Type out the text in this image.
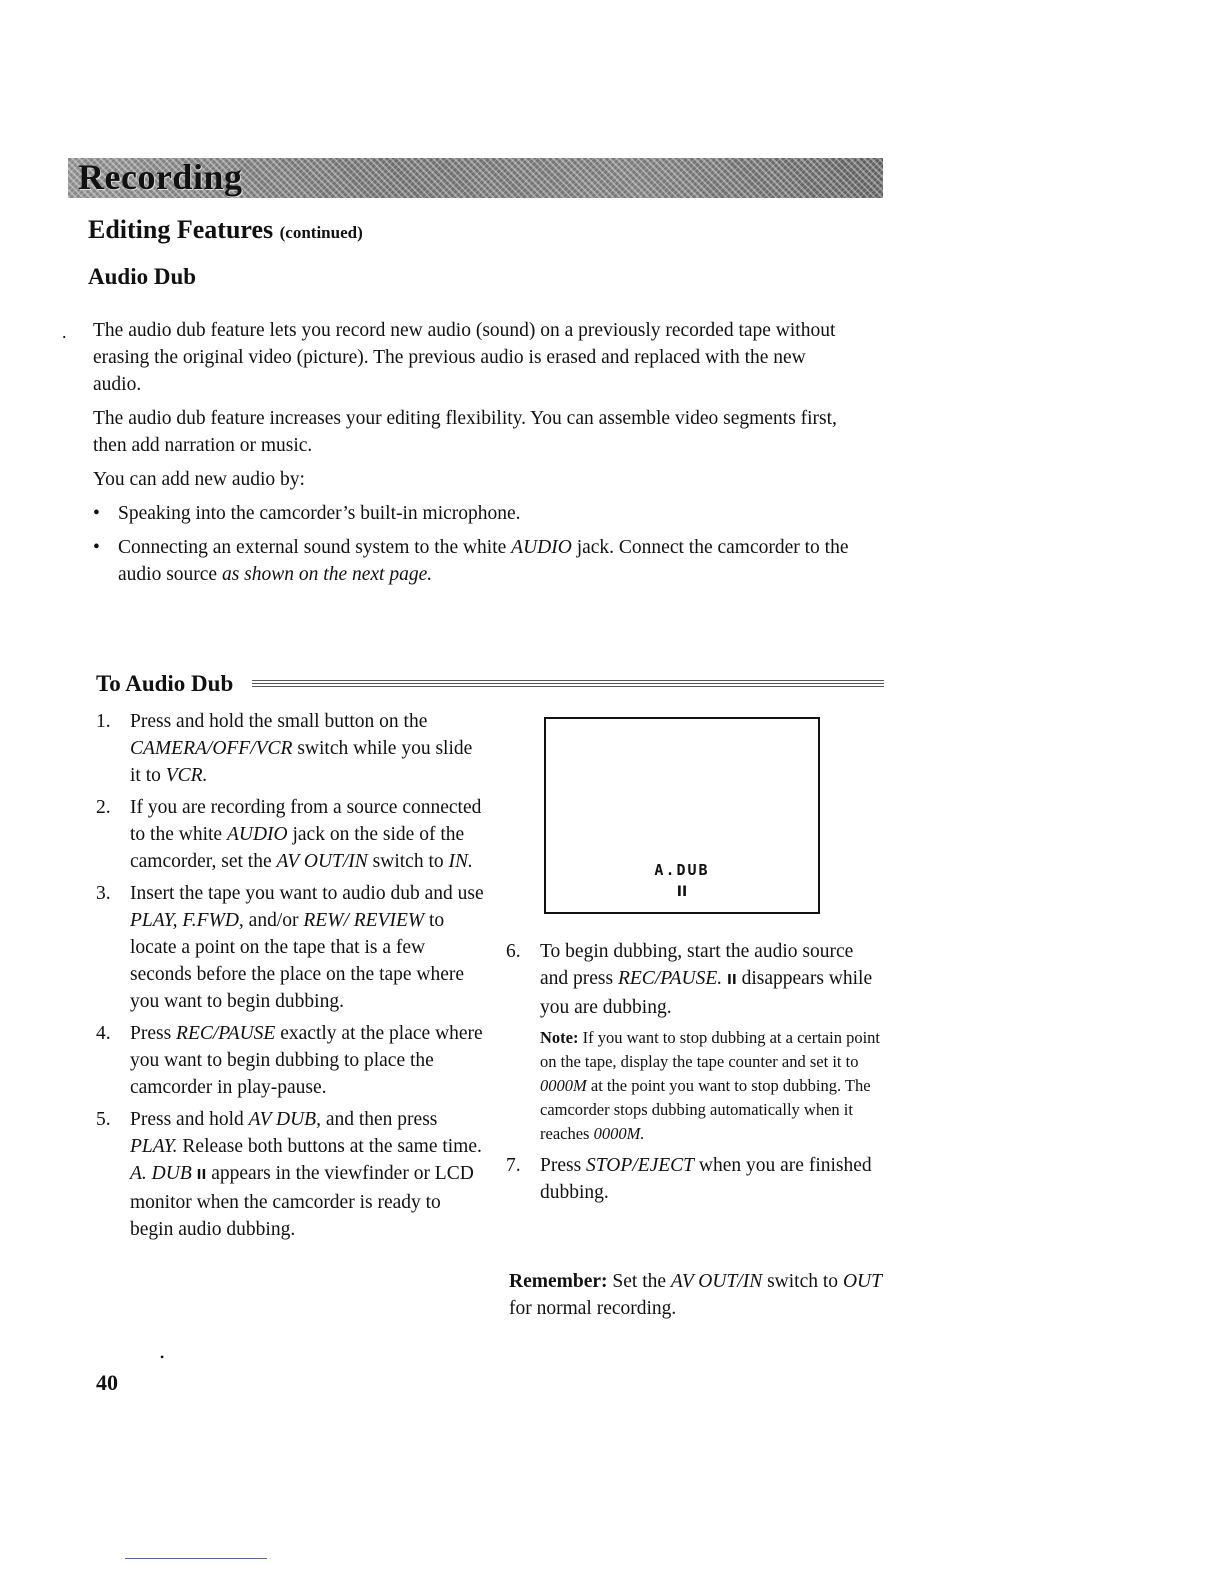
Recording
Editing Features (continued)
Audio Dub
. The audio dub feature lets you record new audio (sound) on a previously recorded tape without erasing the original video (picture). The previous audio is erased and replaced with the new audio.

The audio dub feature increases your editing flexibility. You can assemble video segments first, then add narration or music.

You can add new audio by:

• Speaking into the camcorder’s built-in microphone.
• Connecting an external sound system to the white AUDIO jack. Connect the camcorder to the audio source as shown on the next page.
To Audio Dub
1. Press and hold the small button on the CAMERA/OFF/VCR switch while you slide it to VCR.
2. If you are recording from a source connected to the white AUDIO jack on the side of the camcorder, set the AV OUT/IN switch to IN.
3. Insert the tape you want to audio dub and use PLAY, F.FWD, and/or REW/ REVIEW to locate a point on the tape that is a few seconds before the place on the tape where you want to begin dubbing.
4. Press REC/PAUSE exactly at the place where you want to begin dubbing to place the camcorder in play-pause.
5. Press and hold AV DUB, and then press PLAY. Release both buttons at the same time. A. DUB II appears in the viewfinder or LCD monitor when the camcorder is ready to begin audio dubbing.
A.DUB
II
6. To begin dubbing, start the audio source and press REC/PAUSE. II disappears while you are dubbing.
Note: If you want to stop dubbing at a certain point on the tape, display the tape counter and set it to 0000M at the point you want to stop dubbing. The camcorder stops dubbing automatically when it reaches 0000M.
7. Press STOP/EJECT when you are finished dubbing.
Remember: Set the AV OUT/IN switch to OUT for normal recording.
•
40
